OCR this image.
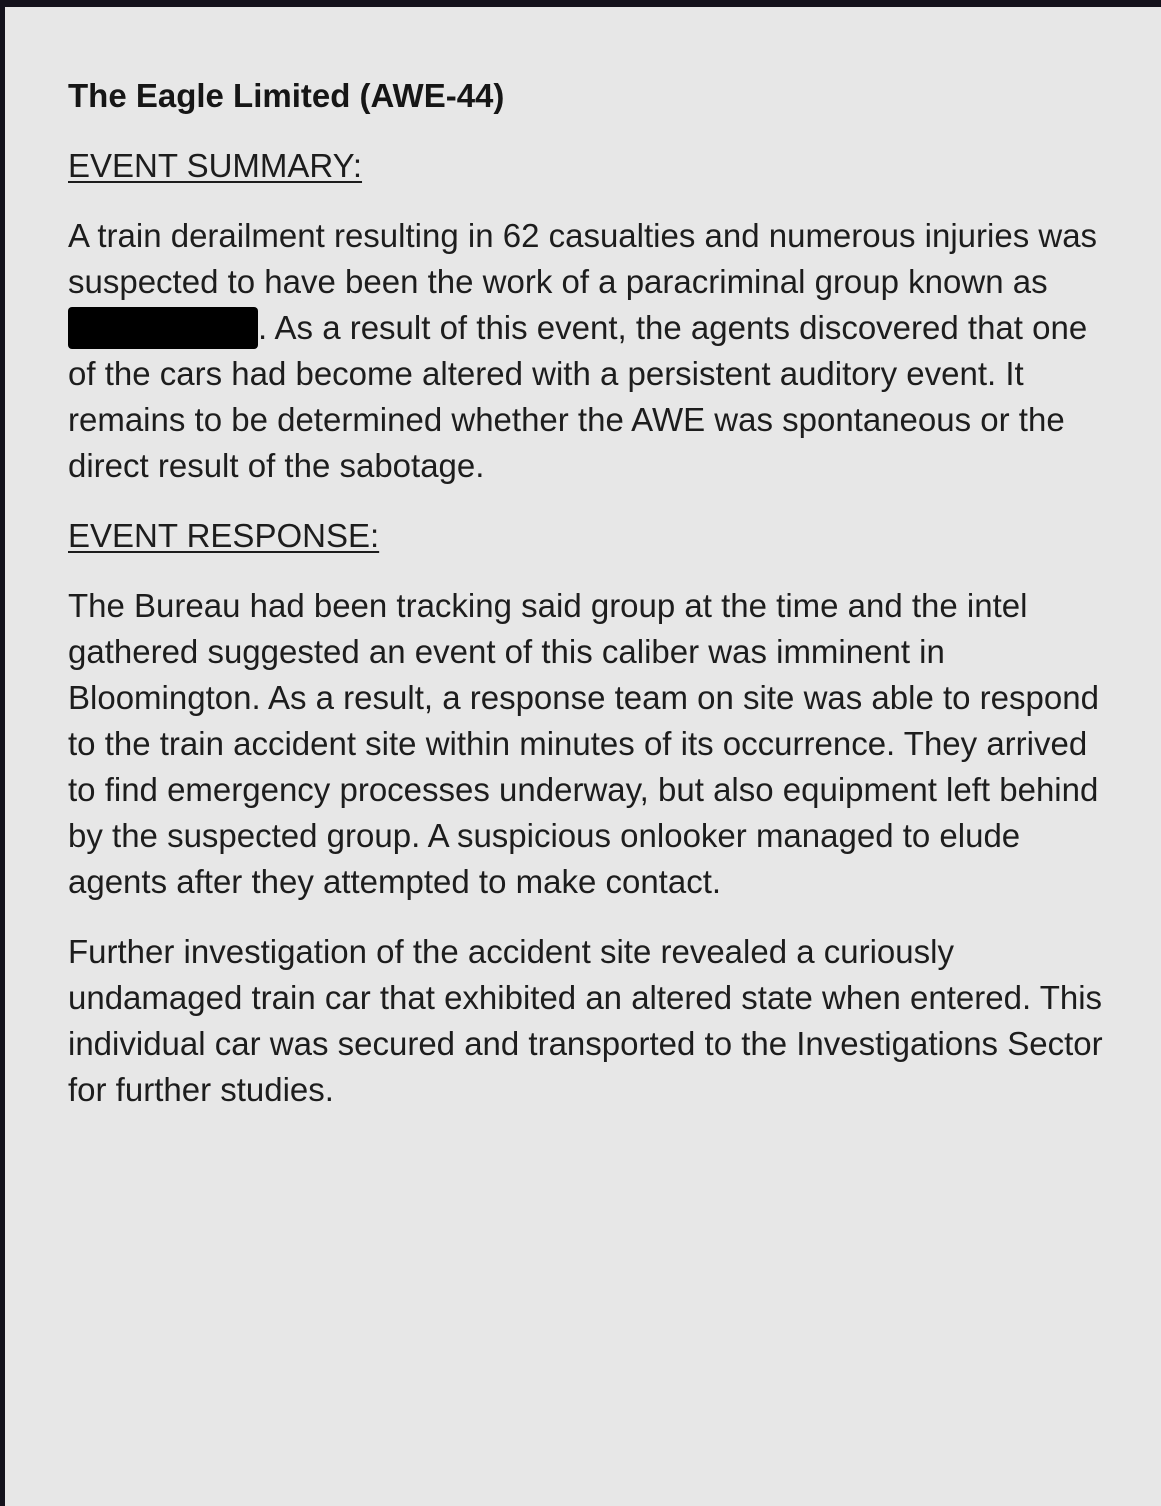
The Eagle Limited (AWE-44)
EVENT SUMMARY:

A train derailment resulting in 62 casualties and numerous injuries was suspected to have been the work of a paracriminal group known as . As a result of this event, the agents discovered that one of the cars had become altered with a persistent auditory event. It remains to be determined whether the AWE was spontaneous or the direct result of the sabotage.

EVENT RESPONSE:

The Bureau had been tracking said group at the time and the intel gathered suggested an event of this caliber was imminent in Bloomington. As a result, a response team on site was able to respond to the train accident site within minutes of its occurrence. They arrived to find emergency processes underway, but also equipment left behind by the suspected group. A suspicious onlooker managed to elude agents after they attempted to make contact.

Further investigation of the accident site revealed a curiously undamaged train car that exhibited an altered state when entered. This individual car was secured and transported to the Investigations Sector for further studies.
